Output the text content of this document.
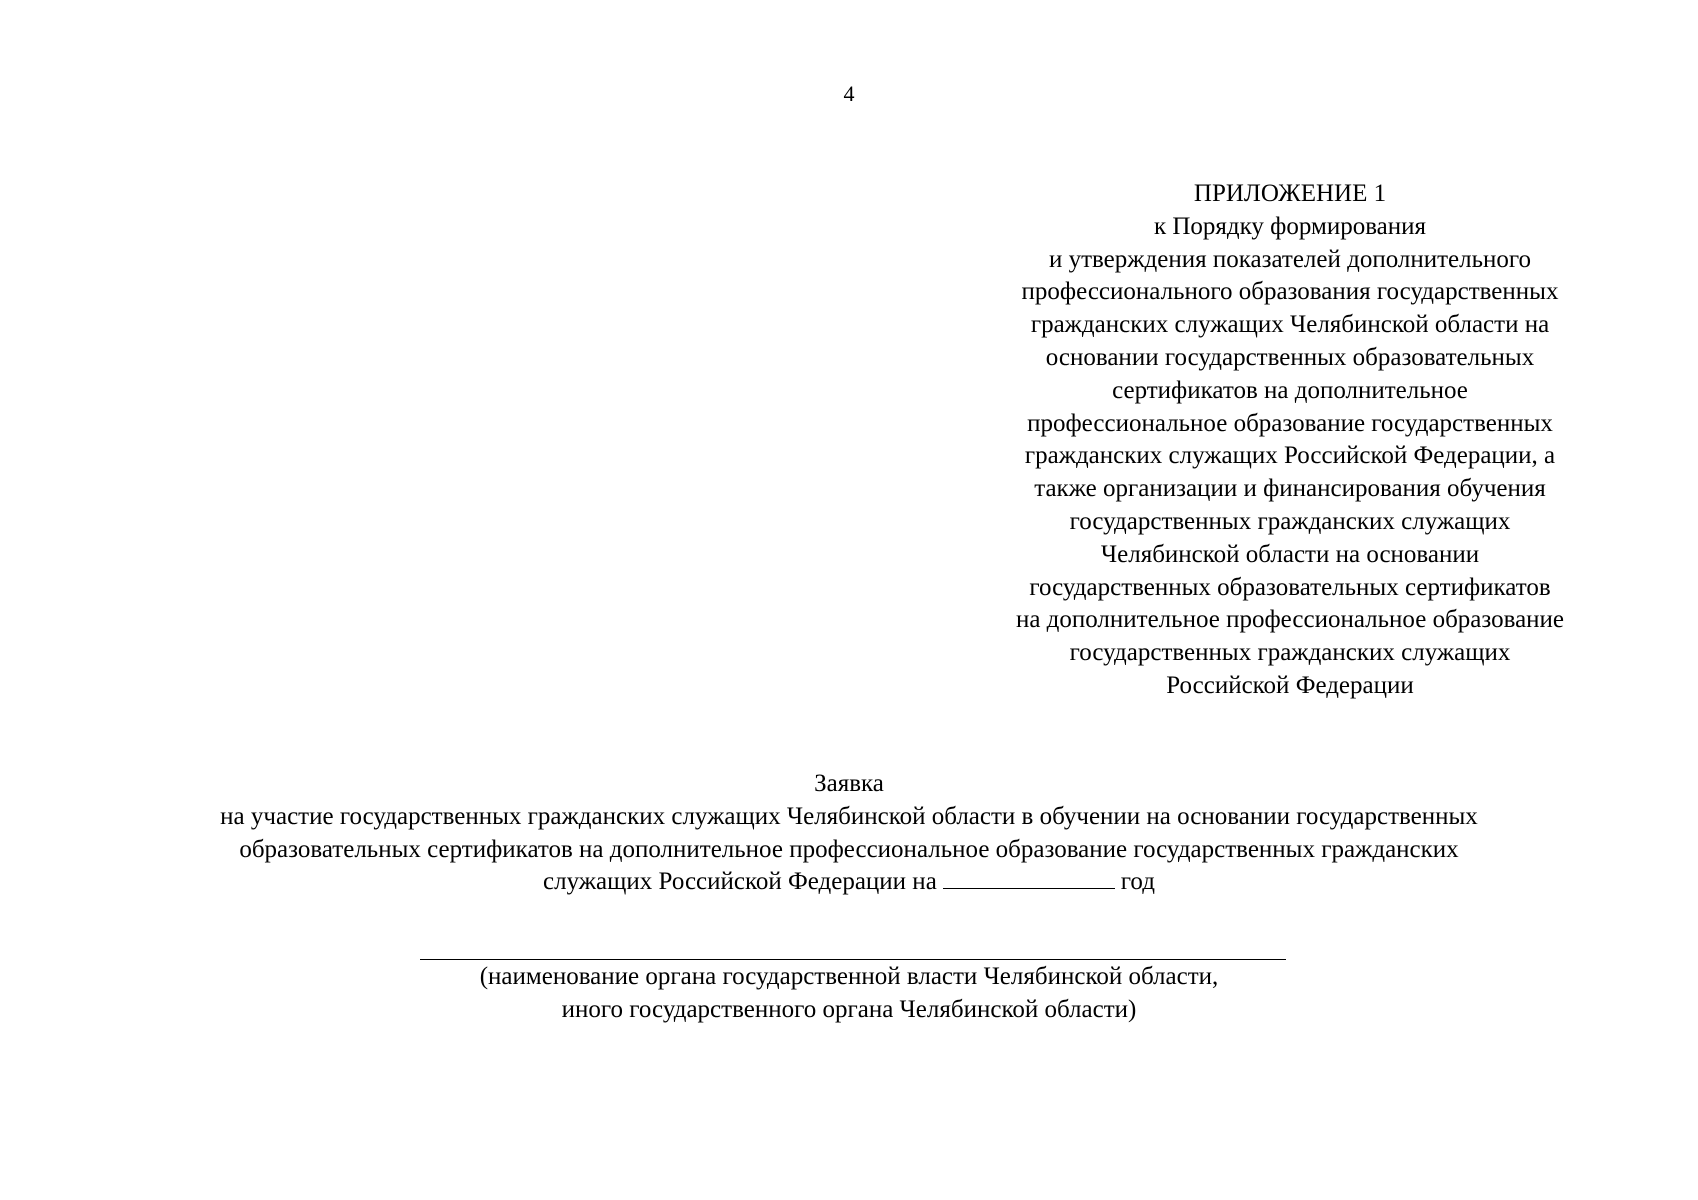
4
ПРИЛОЖЕНИЕ 1
к Порядку формирования
и утверждения показателей дополнительного
профессионального образования государственных
гражданских служащих Челябинской области на
основании государственных образовательных
сертификатов на дополнительное
профессиональное образование государственных
гражданских служащих Российской Федерации, а
также организации и финансирования обучения
государственных гражданских служащих
Челябинской области на основании
государственных образовательных сертификатов
на дополнительное профессиональное образование
государственных гражданских служащих
Российской Федерации
Заявка
на участие государственных гражданских служащих Челябинской области в обучении на основании государственных
образовательных сертификатов на дополнительное профессиональное образование государственных гражданских
служащих Российской Федерации на	год
(наименование органа государственной власти Челябинской области,
иного государственного органа Челябинской области)
